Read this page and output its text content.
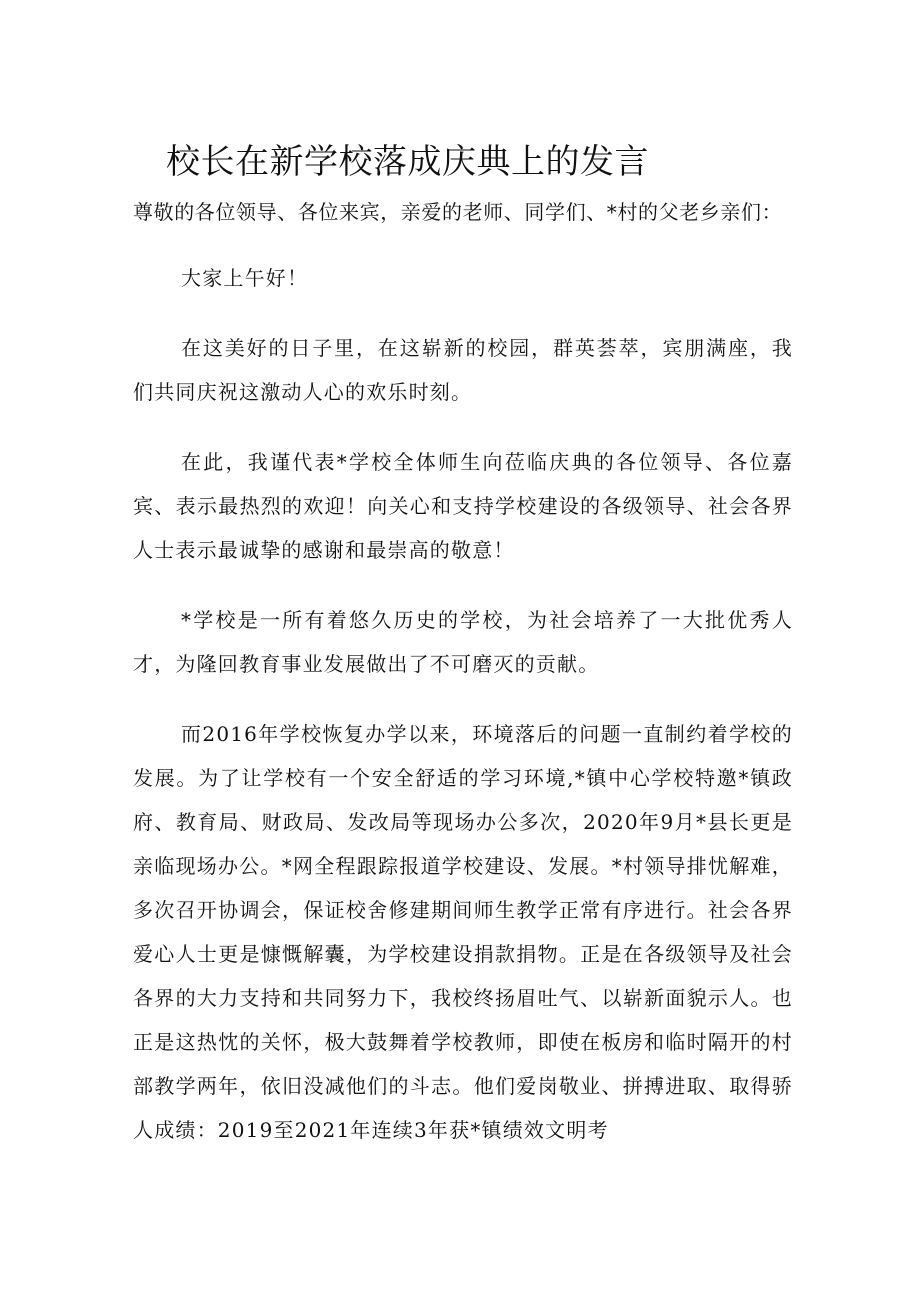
校长在新学校落成庆典上的发言

尊敬的各位领导、各位来宾，亲爱的老师、同学们、*村的父老乡亲们：

大家上午好！

在这美好的日子里，在这崭新的校园，群英荟萃，宾朋满座，我们共同庆祝这激动人心的欢乐时刻。

在此，我谨代表*学校全体师生向莅临庆典的各位领导、各位嘉宾、表示最热烈的欢迎！向关心和支持学校建设的各级领导、社会各界人士表示最诚挚的感谢和最崇高的敬意！

*学校是一所有着悠久历史的学校，为社会培养了一大批优秀人才，为隆回教育事业发展做出了不可磨灭的贡献。

而2016年学校恢复办学以来，环境落后的问题一直制约着学校的发展。为了让学校有一个安全舒适的学习环境,*镇中心学校特邀*镇政府、教育局、财政局、发改局等现场办公多次，2020年9月*县长更是亲临现场办公。*网全程跟踪报道学校建设、发展。*村领导排忧解难，多次召开协调会，保证校舍修建期间师生教学正常有序进行。社会各界爱心人士更是慷慨解囊，为学校建设捐款捐物。正是在各级领导及社会各界的大力支持和共同努力下，我校终扬眉吐气、以崭新面貌示人。也正是这热忱的关怀，极大鼓舞着学校教师，即使在板房和临时隔开的村部教学两年，依旧没减他们的斗志。他们爱岗敬业、拼搏进取、取得骄人成绩：2019至2021年连续3年获*镇绩效文明考
